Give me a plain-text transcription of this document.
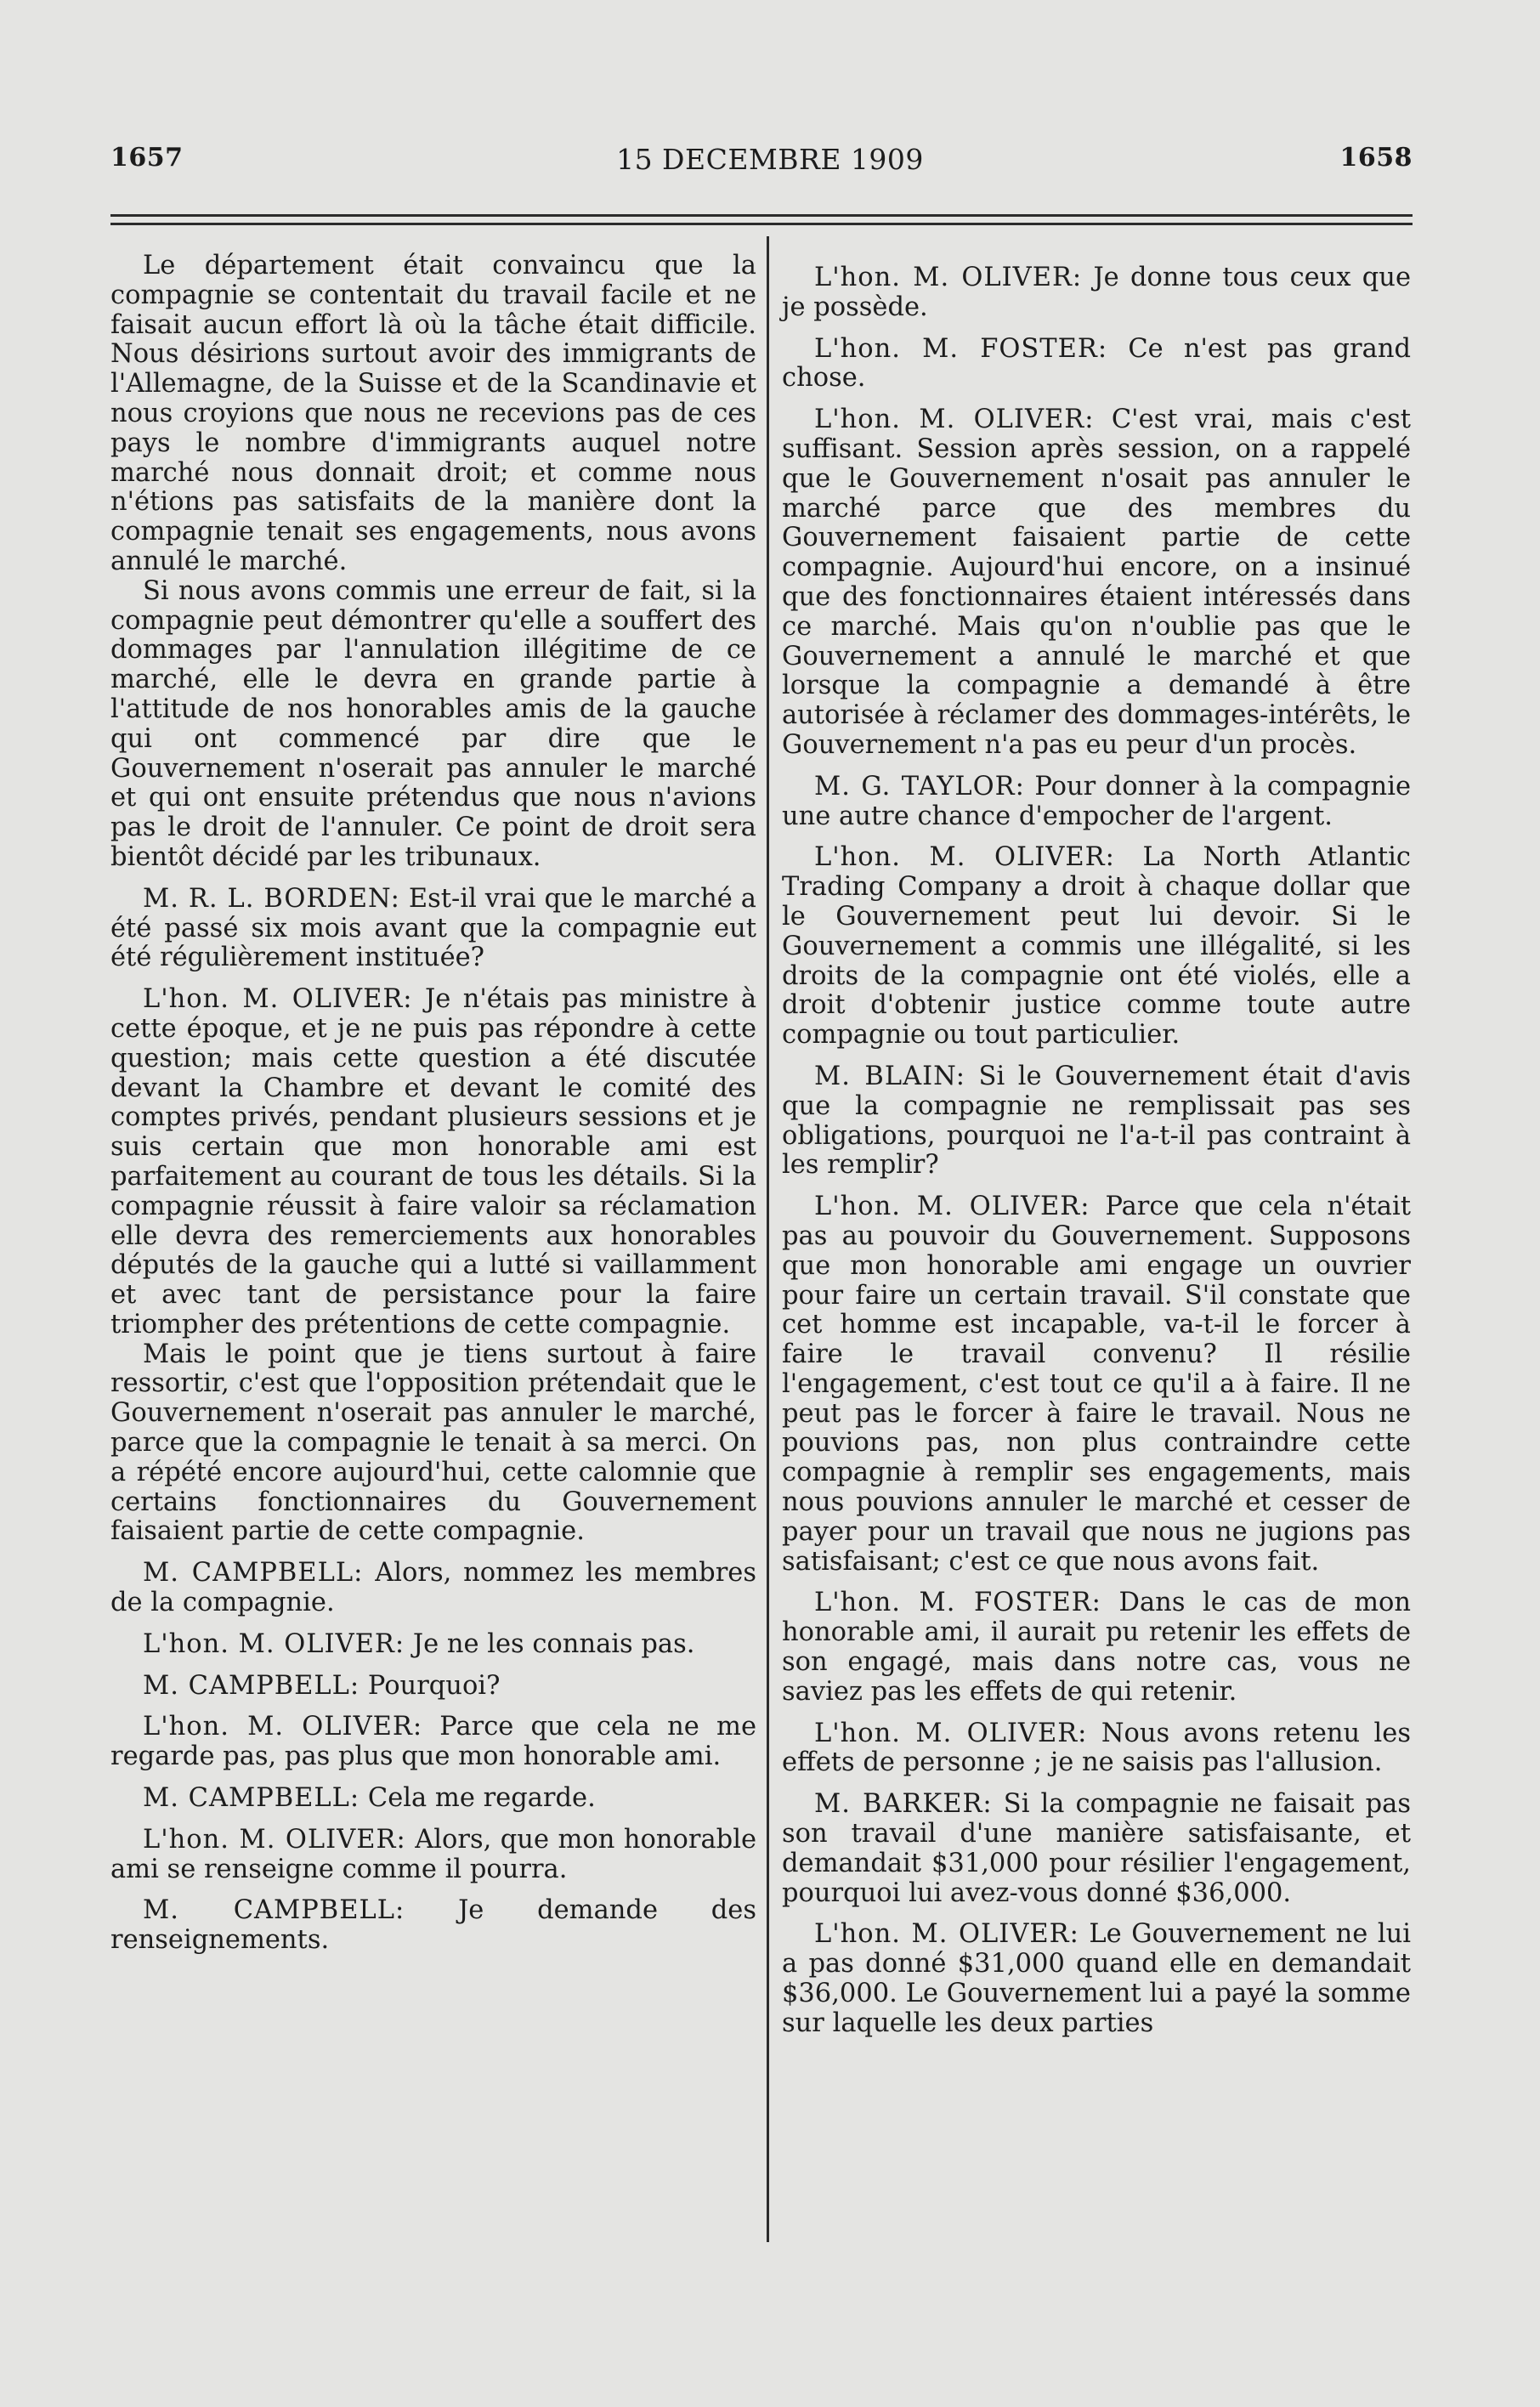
15 DECEMBRE 1909
1657	1658

Le département était convaincu que la compagnie se contentait du travail facile et ne faisait aucun effort là où la tâche était difficile. Nous désirions surtout avoir des immigrants de l'Allemagne, de la Suisse et de la Scandinavie et nous croyions que nous ne recevions pas de ces pays le nombre d'immigrants auquel notre marché nous donnait droit; et comme nous n'étions pas satisfaits de la manière dont la compagnie tenait ses engagements, nous avons annulé le marché.

Si nous avons commis une erreur de fait, si la compagnie peut démontrer qu'elle a souffert des dommages par l'annulation illégitime de ce marché, elle le devra en grande partie à l'attitude de nos honorables amis de la gauche qui ont commencé par dire que le Gouvernement n'oserait pas annuler le marché et qui ont ensuite prétendus que nous n'avions pas le droit de l'annuler. Ce point de droit sera bientôt décidé par les tribunaux.

M. R. L. BORDEN: Est-il vrai que le marché a été passé six mois avant que la compagnie eut été régulièrement instituée?

L'hon. M. OLIVER: Je n'étais pas ministre à cette époque, et je ne puis pas répondre à cette question; mais cette question a été discutée devant la Chambre et devant le comité des comptes privés, pendant plusieurs sessions et je suis certain que mon honorable ami est parfaitement au courant de tous les détails. Si la compagnie réussit à faire valoir sa réclamation elle devra des remerciements aux honorables députés de la gauche qui a lutté si vaillamment et avec tant de persistance pour la faire triompher des prétentions de cette compagnie.

Mais le point que je tiens surtout à faire ressortir, c'est que l'opposition prétendait que le Gouvernement n'oserait pas annuler le marché, parce que la compagnie le tenait à sa merci. On a répété encore aujourd'hui, cette calomnie que certains fonctionnaires du Gouvernement faisaient partie de cette compagnie.

M. CAMPBELL: Alors, nommez les membres de la compagnie.

L'hon. M. OLIVER: Je ne les connais pas.

M. CAMPBELL: Pourquoi?

L'hon. M. OLIVER: Parce que cela ne me regarde pas, pas plus que mon honorable ami.

M. CAMPBELL: Cela me regarde.

L'hon. M. OLIVER: Alors, que mon honorable ami se renseigne comme il pourra.

M. CAMPBELL: Je demande des renseignements.

L'hon. M. OLIVER: Je donne tous ceux que je possède.

L'hon. M. FOSTER: Ce n'est pas grand chose.

L'hon. M. OLIVER: C'est vrai, mais c'est suffisant. Session après session, on a rappelé que le Gouvernement n'osait pas annuler le marché parce que des membres du Gouvernement faisaient partie de cette compagnie. Aujourd'hui encore, on a insinué que des fonctionnaires étaient intéressés dans ce marché. Mais qu'on n'oublie pas que le Gouvernement a annulé le marché et que lorsque la compagnie a demandé à être autorisée à réclamer des dommages-intérêts, le Gouvernement n'a pas eu peur d'un procès.

M. G. TAYLOR: Pour donner à la compagnie une autre chance d'empocher de l'argent.

L'hon. M. OLIVER: La North Atlantic Trading Company a droit à chaque dollar que le Gouvernement peut lui devoir. Si le Gouvernement a commis une illégalité, si les droits de la compagnie ont été violés, elle a droit d'obtenir justice comme toute autre compagnie ou tout particulier.

M. BLAIN: Si le Gouvernement était d'avis que la compagnie ne remplissait pas ses obligations, pourquoi ne l'a-t-il pas contraint à les remplir?

L'hon. M. OLIVER: Parce que cela n'était pas au pouvoir du Gouvernement. Supposons que mon honorable ami engage un ouvrier pour faire un certain travail. S'il constate que cet homme est incapable, va-t-il le forcer à faire le travail convenu? Il résilie l'engagement, c'est tout ce qu'il a à faire. Il ne peut pas le forcer à faire le travail. Nous ne pouvions pas, non plus contraindre cette compagnie à remplir ses engagements, mais nous pouvions annuler le marché et cesser de payer pour un travail que nous ne jugions pas satisfaisant; c'est ce que nous avons fait.

L'hon. M. FOSTER: Dans le cas de mon honorable ami, il aurait pu retenir les effets de son engagé, mais dans notre cas, vous ne saviez pas les effets de qui retenir.

L'hon. M. OLIVER: Nous avons retenu les effets de personne ; je ne saisis pas l'allusion.

M. BARKER: Si la compagnie ne faisait pas son travail d'une manière satisfaisante, et demandait $31,000 pour résilier l'engagement, pourquoi lui avez-vous donné $36,000.

L'hon. M. OLIVER: Le Gouvernement ne lui a pas donné $31,000 quand elle en demandait $36,000. Le Gouvernement lui a payé la somme sur laquelle les deux parties
